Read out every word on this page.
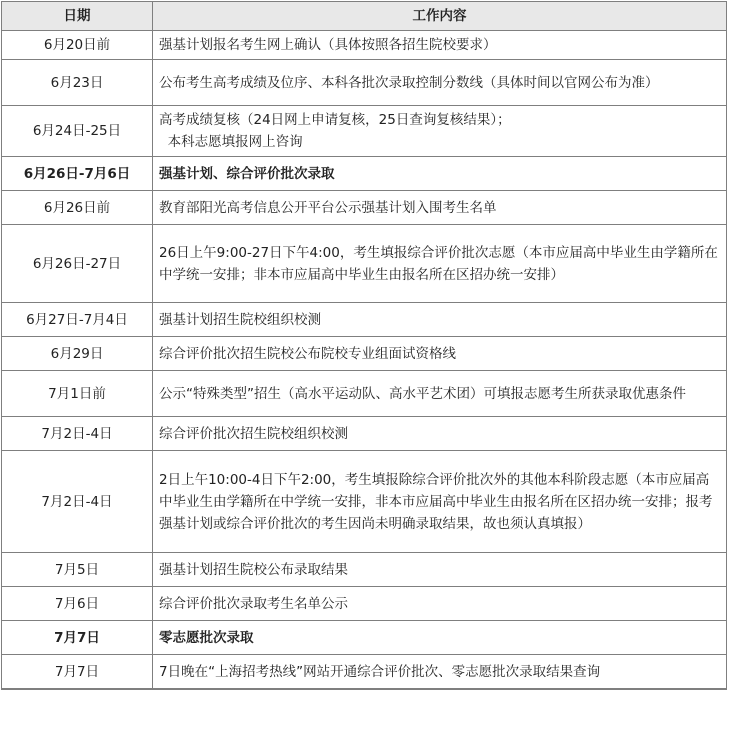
日期	工作内容
6月20日前	强基计划报名考生网上确认（具体按照各招生院校要求）
6月23日	公布考生高考成绩及位序、本科各批次录取控制分数线（具体时间以官网公布为准）
6月24日-25日	高考成绩复核（24日网上申请复核，25日查询复核结果）；
本科志愿填报网上咨询
6月26日-7月6日	强基计划、综合评价批次录取
6月26日前	教育部阳光高考信息公开平台公示强基计划入围考生名单
6月26日-27日	26日上午9:00-27日下午4:00，考生填报综合评价批次志愿（本市应届高中毕业生由学籍所在中学统一安排；非本市应届高中毕业生由报名所在区招办统一安排）
6月27日-7月4日	强基计划招生院校组织校测
6月29日	综合评价批次招生院校公布院校专业组面试资格线
7月1日前	公示“特殊类型”招生（高水平运动队、高水平艺术团）可填报志愿考生所获录取优惠条件
7月2日-4日	综合评价批次招生院校组织校测
7月2日-4日	2日上午10:00-4日下午2:00，考生填报除综合评价批次外的其他本科阶段志愿（本市应届高中毕业生由学籍所在中学统一安排，非本市应届高中毕业生由报名所在区招办统一安排；报考强基计划或综合评价批次的考生因尚未明确录取结果，故也须认真填报）
7月5日	强基计划招生院校公布录取结果
7月6日	综合评价批次录取考生名单公示
7月7日	零志愿批次录取
7月7日	7日晚在“上海招考热线”网站开通综合评价批次、零志愿批次录取结果查询
